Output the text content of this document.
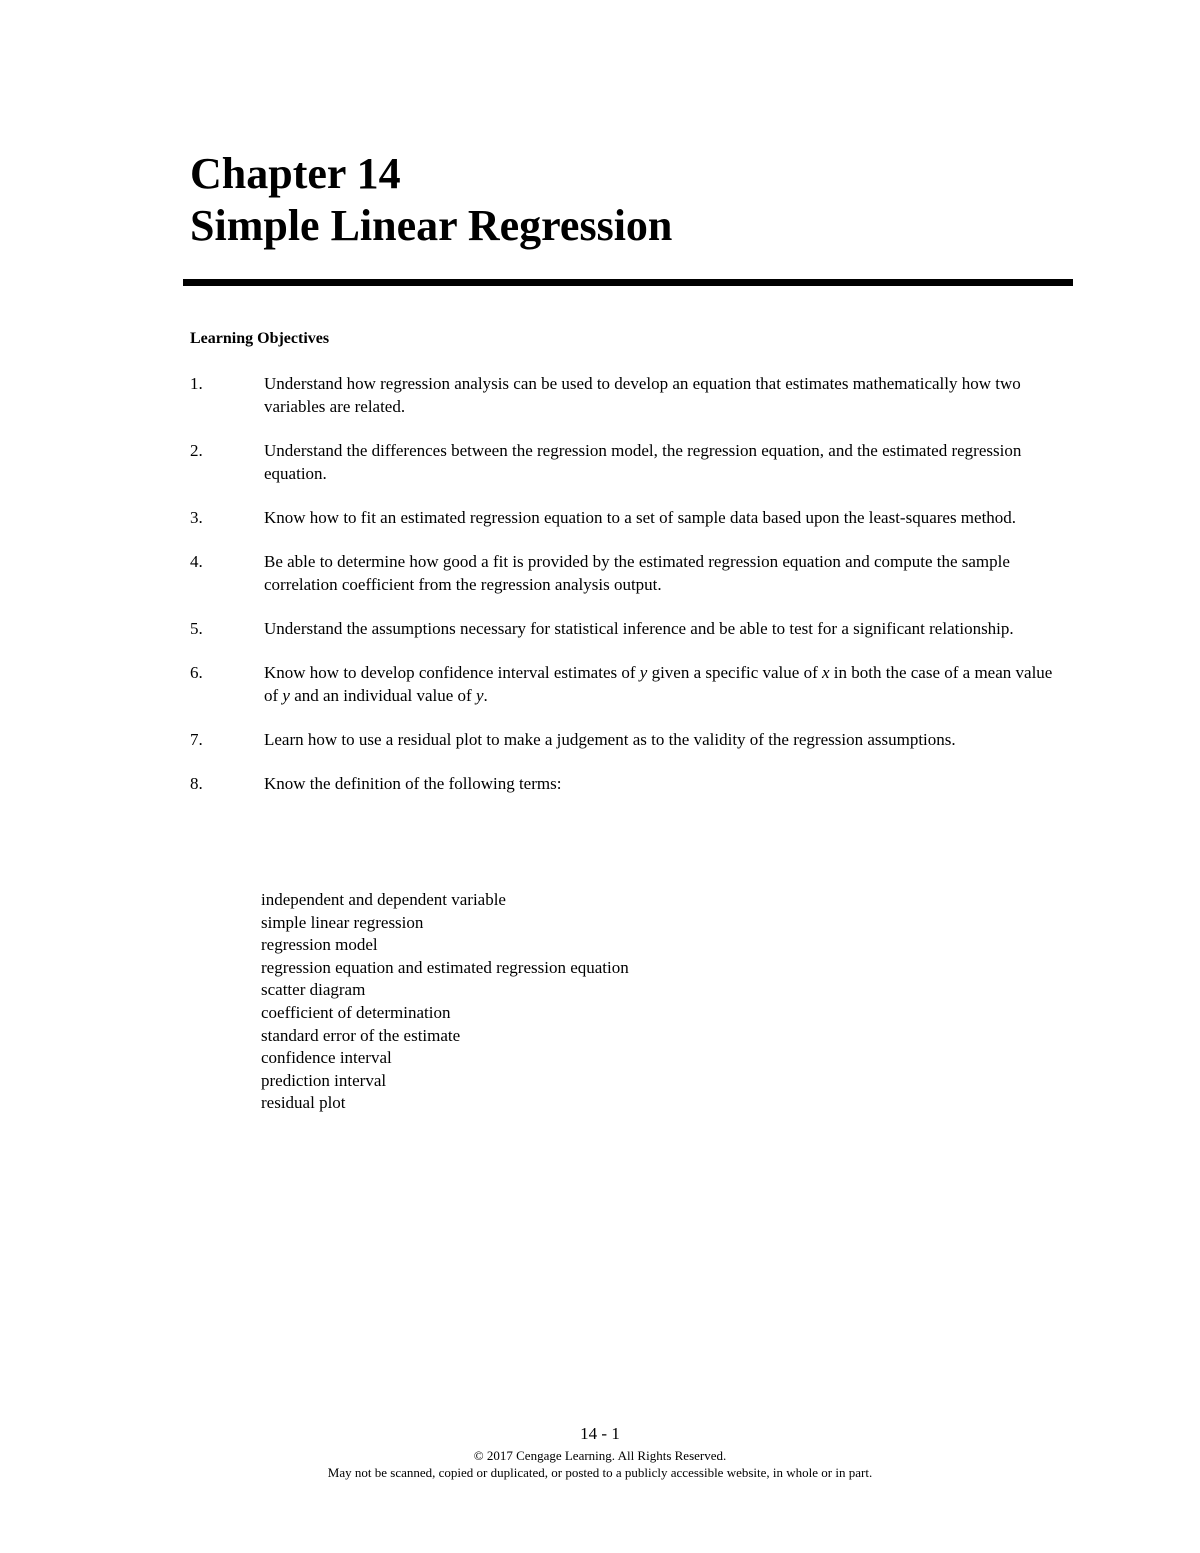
Chapter 14
Simple Linear Regression
Learning Objectives
1.	Understand how regression analysis can be used to develop an equation that estimates mathematically how two variables are related.
2.	Understand the differences between the regression model, the regression equation, and the estimated regression equation.
3.	Know how to fit an estimated regression equation to a set of sample data based upon the least-squares method.
4.	Be able to determine how good a fit is provided by the estimated regression equation and compute the sample correlation coefficient from the regression analysis output.
5.	Understand the assumptions necessary for statistical inference and be able to test for a significant relationship.
6.	Know how to develop confidence interval estimates of y given a specific value of x in both the case of a mean value of y and an individual value of y.
7.	Learn how to use a residual plot to make a judgement as to the validity of the regression assumptions.
8.	Know the definition of the following terms:
independent and dependent variable
simple linear regression
regression model
regression equation and estimated regression equation
scatter diagram
coefficient of determination
standard error of the estimate
confidence interval
prediction interval
residual plot
14 - 1
© 2017 Cengage Learning. All Rights Reserved.
May not be scanned, copied or duplicated, or posted to a publicly accessible website, in whole or in part.
